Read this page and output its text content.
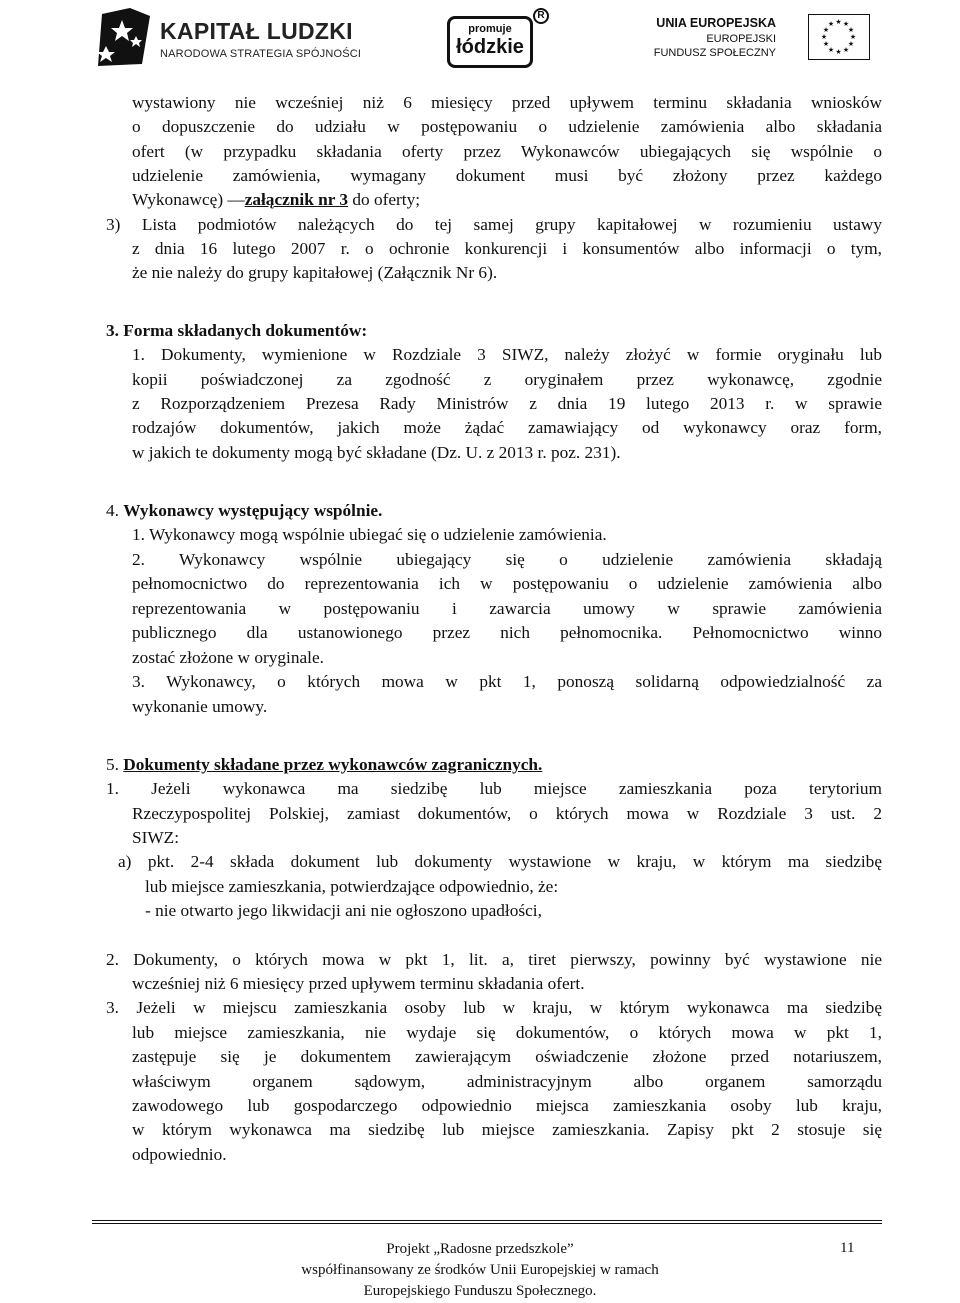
KAPITAŁ LUDZKI
NARODOWA STRATEGIA SPÓJNOŚCI
promuje
łódzkie
R
UNIA EUROPEJSKA
EUROPEJSKI
FUNDUSZ SPOŁECZNY
★ ★
★
★
★
★
★
★
★
★
★
★
wystawiony nie wcześniej niż 6 miesięcy przed upływem terminu składania wniosków
o dopuszczenie do udziału w postępowaniu o udzielenie zamówienia albo składania
ofert (w przypadku składania oferty przez Wykonawców ubiegających się wspólnie o
udzielenie zamówienia, wymagany dokument musi być złożony przez każdego
Wykonawcę) —załącznik nr 3 do oferty;
3) Lista podmiotów należących do tej samej grupy kapitałowej w rozumieniu ustawy
z dnia 16 lutego 2007 r. o ochronie konkurencji i konsumentów albo informacji o tym,
że nie należy do grupy kapitałowej (Załącznik Nr 6).
3. Forma składanych dokumentów:
1. Dokumenty, wymienione w Rozdziale 3 SIWZ, należy złożyć w formie oryginału lub
kopii poświadczonej za zgodność z oryginałem przez wykonawcę, zgodnie
z Rozporządzeniem Prezesa Rady Ministrów z dnia 19 lutego 2013 r. w sprawie
rodzajów dokumentów, jakich może żądać zamawiający od wykonawcy oraz form,
w jakich te dokumenty mogą być składane (Dz. U. z 2013 r. poz. 231).
4. Wykonawcy występujący wspólnie.
1. Wykonawcy mogą wspólnie ubiegać się o udzielenie zamówienia.
2. Wykonawcy wspólnie ubiegający się o udzielenie zamówienia składają
pełnomocnictwo do reprezentowania ich w postępowaniu o udzielenie zamówienia albo
reprezentowania w postępowaniu i zawarcia umowy w sprawie zamówienia
publicznego dla ustanowionego przez nich pełnomocnika. Pełnomocnictwo winno
zostać złożone w oryginale.
3. Wykonawcy, o których mowa w pkt 1, ponoszą solidarną odpowiedzialność za
wykonanie umowy.
5. Dokumenty składane przez wykonawców zagranicznych.
1. Jeżeli wykonawca ma siedzibę lub miejsce zamieszkania poza terytorium
Rzeczypospolitej Polskiej, zamiast dokumentów, o których mowa w Rozdziale 3 ust. 2
SIWZ:
a) pkt. 2-4 składa dokument lub dokumenty wystawione w kraju, w którym ma siedzibę
lub miejsce zamieszkania, potwierdzające odpowiednio, że:
- nie otwarto jego likwidacji ani nie ogłoszono upadłości,
2. Dokumenty, o których mowa w pkt 1, lit. a, tiret pierwszy, powinny być wystawione nie
wcześniej niż 6 miesięcy przed upływem terminu składania ofert.
3. Jeżeli w miejscu zamieszkania osoby lub w kraju, w którym wykonawca ma siedzibę
lub miejsce zamieszkania, nie wydaje się dokumentów, o których mowa w pkt 1,
zastępuje się je dokumentem zawierającym oświadczenie złożone przed notariuszem,
właściwym organem sądowym, administracyjnym albo organem samorządu
zawodowego lub gospodarczego odpowiednio miejsca zamieszkania osoby lub kraju,
w którym wykonawca ma siedzibę lub miejsce zamieszkania. Zapisy pkt 2 stosuje się
odpowiednio.
Projekt „Radosne przedszkole”
współfinansowany ze środków Unii Europejskiej w ramach
Europejskiego Funduszu Społecznego.
11
